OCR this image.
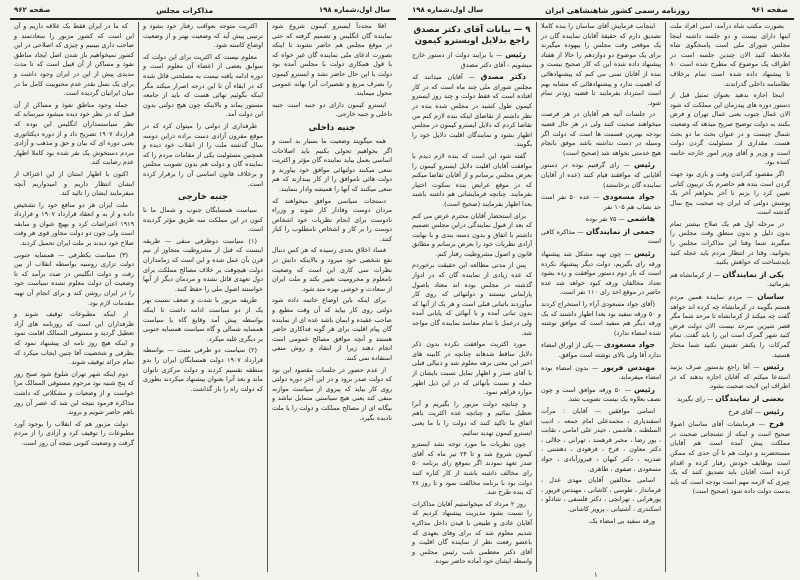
سال اول،شماره ۱۹۸
مذاکرات مجلس
صفحه ۹۶۲

اقلا مجدداً ایسترو کیمون شروع شود نماینده گان انگلیس و تصمیم گرفته که حتی در موقع مجلس هم حاضر نشوند تا اینکه بصورت ادعای ملی نماینده گان غیر خواه که با قول همکاری دولت با مجلس آمده بود دولت با این حال حاضر نشد و ایسترو کیمون را بصرف مربع و تقصیرات آنرا بهانه عمومی محول میمایند.

ایسترو کیمون دارای دو جنبه است جنبه داخلی و جنبه خارجی.

جنبه داخلی

همه میگویند وضعیت ما بسیار بد است و اگر بخواهیم تحولی بکنیم باید اصلاحات اساسی بعمل بیاید نماینده گان مؤثر و اکثریت سعی میکنند دولتهائی موافق خود بیاورند و دولت هائی ناموافق را از کار بیندازند که هم سعی میکنند که آنها را همیشه وادار بنمایند.

دستجات سیاسی موافق میخواهند که مردان دوست وفادار کار شوند و وزراء نادوست برای انجام نظریات خود اشخاص دوست را بر کار و اشخاص نامطلوب را کنار کنند.

فساد اخلاق بحدی رسیده که هر کس دنبال نفع شخصی خود میرود و بالاینکه دانش در نظرات سی کاری این است که وضعیت نامعلوم و محرومیت تغییر بکند و ملت ایران از سعادت و خوشی بهره مند شود.

برای اینکه باین اوضاع خاتمه داده شود دولتی روی کار بیاید که آن وقت مطیع و صاحب عقیده و ایمان باشد عده ای از نماینده گان پیام اقلیت برای هر گونه فداکاری حاضر هستند و آنچه موافق مصالح عمومی است انجام دهند زیرا از انتقاد و روش منفی استفاده نمی کنند.

از عدم حضور در جلسات مقصود این بود که دولت صدر برود و در این آخر دوره دولتی روی کار بیاید که پیروی از سیاست موازنه منفی کند یعنی هیچ سیاستی متمایل نباشد و بیگانه ای از مصالح مملکت و دولت را با ملت نادیده بگیرد.

اکثریت متوجه بعواقب رفتار خود بشود و ترتیبی پیش آید که وضعیت بهتر و از وضعیت اوضاع کاسته شود.

معلوم نیست که اکثریت برای این دولت که سوابق بعضی از اعضاء آن معلوم است و دوره ادامه یافته نیست به مصلحتی قائل شده که در ابقاء آن تا این درجه اصرار میکند مگر اینکه بگوئیم نهائی هست که باید از جامعه مستور بماند و بالاینکه چون هیچ دولتی بدون این دولت آمد.

طرفداری از دولتی را میتوان کرد که در موقع مقرون آزادی دست براده دراین دوسه سال گذشته ملت را از انقلاب خود دیده و همچنین مسئولیت یکی از مقامات مردم را که نماینده گان و دولت هم بدون تصویب مجلس و برخلاف قانون اساسی آن را برقرار کرده است.

جنبه خارجی

سیاست همسایگان جنوب و شمال ما تا کنون در این مملکت سه طریق مؤثر گردیده است.

(۱) سیاست دوطرفی منفی — طریقه اینست که قبل از مشروطیت متجاوز از نیم قرن بآن عمل شده و این است که زمامداران دولت هیچوقت بر خلاف مصالح مملکت برای دول تعهدی قائل نشده و مردمان دیگر از آنها خواستند اصول ملی را حفظ کنند.

طریقه مزبور با شدت و ضعف نسبت بهر یک از دو سیاست ادامه داشت تا اینکه بواسطه پیش آمد وقایع گاه یا سیاست همسایه شمالی و گاه سیاست همسایه جنوبی بر دیگری غلبه میکرد.

(۲) سیاست دو طرفی مثبت — بواسطه قرارداد ۱۹۰۷ دولت همسایگان ایران را بدو منطقه تقسیم کردند و دولت مرکزی ناتوان ماند و بعد آنرا بعنوان پیشنهاد میکردند بطوری که دولت راه را باز گذاشت.

که ما در ایران فقط یک علاقه داریم و آن این است که کشور مزبور را سعادتمند و صاحب داری ببینیم و چیزی که اصلاحی در این کشور نمیخواهیم باز شدن اصل ایجاد مناطق نفوذ و مساکن از آن قبیل است که تا مدت مدیدی پیش از این در ایران وجود داشت و برای یک نسل بقدر عدم محبوبیت کامل ما در میان ایرانیان گردیده است.

جمله وجود مناطق نفوذ و مساکن از آن قبیل که در نظر خود دیده میشود میرساند که نظر سیاستمداران انگلیس این بوده که قرارداد ۱۹۰۷ تصریح داد و از دوره دیکتاتوری یعنی دوره ای که بیان و حق و مذهب و آزادی مردم دستخوش یک نفر شده بود کاملا اظهار عدم رضایت کند.

اکنون با اظهار امتنان از این اعتراف از ایشان انتظار داریم و امیدواریم آنچه میفرمایند ایشان را تائید کند.

ملت ایران هر دو منافع خود را تشخیص داده و از به و انعقاد قرارداد ۱۹۰۷ و قرارداد ۱۹۱۹ اعتراضات کرد و بهیچ عنوان و سابقه است ولی چون دو دولت مجاور قوی هر وقت صلاح خود دیدند بر ملت ایران تحمیل کردند.

(۳) سیاست یکطرفی — همسایه جنوبی دولت تزاری روسیه بواسطه انقلاب از بین رفت و دولت انگلیس در صدد برآمد که تا وضعیت آن دولت معلوم نشده سیاست خود را در ایران روشن کند و برای انجام آن تهیه مقدمات لازم بود.

از اینکه مطبوعات توقیف شوند و طرفداران این است که روزنامه های آزاد تعطیل گردید و مستوفی الممالک اقامت نمود و اینکه هیچ روز نامه ای پیشنهاد نمود که بطرفی و شخصیت آقا چنین ایجاب میکرد که تمام جرائد توقیف شوند.

دوم اینکه شهر تهران شلوغ شود صبح روز که پنج شنبه بود مرحوم مستوفی الممالک مرا خواست و از وضعیات و مشکلاتی که داشت مذاکره فرمود نتیجه این شد که عصر آن روز باهم حاضر شویم و بروند.

دولت مزبور هم که انقلاب را بوجود آورد مطبوعات را توقیف کرد و آزادی را از مردم گرفت و وضعیت کنونی نتیجه آن روز است.

۱
صفحه ۹۶۱
روزنامه رسمی کشور شاهنشاهی ایران
سال اول،شماره ۱۹۸

بصورت مکتب شاه درآمد، اسی افراد ملت اینها دارای بیست و دو جلسه داشته اینجا مجلس شورای ملی است پاسخگوی شاه ملاحظه کنید الان چندین جلسه است در اطراف یک موضوع که مطرح شده است ۸۰ تا پیشنهاد داده شده است تمام برخلاف نظامنامه داخلی گذراندند.

اینجا اجازه بدهید بعنوان تمثیل قبل از دستور دوره های پیدرمان این مملکت که شود الان عمال جنوب یعنی عمال تهران و فرض بکنند به دولت توضیح صریح میدهد که وضعیت شمال چیست و در عنوان بحث ما دو بحث هست. مقداری از مسئولیت گردن دولت است و وزیر و آقای وزیر امور خارجه خاتمه کننده بود.

اگر مقصود گذراندن وقت و بازی بود جهت گردن است بنده هم حاضرم یک تریبون کتابی تعیین کرد را بزنم تا آخر بخواهم آخر یک پوشش دولتی که ایران چه صحبت پنج سال گذشته است.

در مرحله اول هم یک صلاح بیشتر تمام بدون دلیل و بدون منطق وقت مجلس را میگیرند شما وقتا این مذاکرات مجلس را بخوانید، وقتا در انتظار مردم باید عجله کنید بایدشناخت که خواهش بکنید.

یکی از نمایندگان — از کرمانشاه هم بفرمائید.

ساسان — مردم نماینده همین مردم هستم بگویند در کرمانشاه چه کرده اند خواهد گفت چه میکند از کرمانشاه تا مرحد شما مگر قصر شیرین سرحد نیست الان دولت فرض کنید شهر گمرک است این را باید گفت. تمام گمرکات را یکنفر تفتیش نکنید شما مختار هستید.

رئیس — آقا راجع بدستور صرف بزنید استدعا میکنم که آقایان اجازه بدهند که در اطراف این لایحه صحبت بشود.

بعضی از نمایندگان — رای بگیرید

رئیس — آقای فرخ

فرخ — فرمایشات آقای ساسان اصولا صحیح است و اینکه از تشنجاتی صحبت در مملکت پیش آمده است هم آقایان مستحضرند و دولت هم تا آن حدی که ممکن است بوظایف خودش رفتار کرده و اقدام کرده است آقایان باید تصدیق کنند که یک چیزی که لازمه مهم است بودجه است که باید بدست دولت داده شود (صحیح است)

اینجانب فرمایش آقای ساسان را بنده کاملا تصدیق دارم که حقیقة آقایان نماینده گان در یک موقعی وقت مجلس را بیهوده میگیرند برای یک موضوع دو دوازدهم را حالا از هفتاد پیشنهاد داده شده این که کار صحیح نیست و بنده از آقایان تمنی می کنم که پیشنهادهائی که اهمیت ندارد و پیشنهادهائی که مشابه بهم است استرداد بفرمایند تا قضیه زودتر تمام شود.

در جلسات آتیه هم آقایان در هر فرصت میخواهند صحبت کنند ولی در هر حال قضیه بودجه بهترین قسمت ها است که دولت اگر وسیله در دست نداشته باشد موفق بانجام هیچ خدمتی نخواهد شد (صحیح است)

رئیس — رای گرفتیم بوده در دستور آقایانی که موافقند قیام کنند (عده از آقایان نماینده گان برخاستند)

جواد مسعودی — عده ۵۰ نفر است حد نصاب هم ۱۰۵ نفر

هاشمی — ۷۵ نفر بوده

جمعی از نمایندگان — مذاکره کافی است

رئیس — چون تهیه مشکل شد پیشنهاد ورقه رای بگیریم، دولت دیگر پیشنهاد نکرده است که بار دوم دستور موافقت و رده بشود تعداد مخالفان ورقه کبود خواهد شد عده حاضر در موقع اخذ رای ۱۱۰ نفر است.

(آقای جواد مسعودی آراء را استخراج کردند و ۵۰ ورقه سفید بود بعدا اظهار داشتند که یک ورقه دیگر هم سفید است که موافق نوشته شده امضاء ندارد)

جواد مسعودی — یکی از اوراق امضاء ندارد آقا ولی بالای نوشته است موافق.

مهندس فریور — بدون امضاء بوده امضاء میفرماید.

رئیس — ۵۰ ورقه موافق است و چون نصف بعلاوه یک نیست تصویب نشد.

اسامی موافقین — آقایان : مرآت اسفندیاری ، محمدعلی امام جمعه ، ادیب السلطنه ، هاشمی ، حیدر علی امامی ، نقابت ، پور رضا ، مخبر فرهمند ، تهرانی ، جلالی ، دکتر معاون ، فرخ ، فرهودی ، دهشتی ، صدریه ، دکتر کیهان ، فیروزآبادی ، جواد مسعودی ، صفوی ، طاهری.

اسامی مخالفین آقایان مهدی عدل ، فرماندار ، طوسی ، کاشانی ، مهندس فریور ، پورهرابی ، تهرانچی ، دکتر فلسفی ، شادلو ، اسکندری ، آشتیانی ، پرویز کاشانی.

ورقه سفید بی امضاء یک.

۹ — بیانات آقای دکتر مصدق راجع بدلایل اویسترو کیمون

رئیس — با برایند دولت از دستور خارج میشویم - آقای دکتر مصدق

دکتر مصدق — آقایان میدانند که مجلس شورای ملی چند ماه است که در کار افتاده است که فقط دولت و چند روز ایسترو کیمون طول کشید در مجلس شده بنده در نظر داشتم از تقاضای اینکه بنده لازم کنم من تقاضا کردم که دلایل ایسترو کیمون در مجلس اظهار بشود و نمایندگان اقلیت دلایل خود را بگویند.

گفته شود این است که بنده لازم دیدم با موافقت آقایان اقلیت دلایل ایسترو کیمون را بعرض مجلس برسانم و از آقایان تقاضا میکنم که در موقع عرایض بنده سکوت اختیار بفرمایند. چنانچه فرمایشاتی هم داشته باشند بعدا اظهار بفرمایند (صحیح است).

برای استحضار آقایان محترم عرض می کنم که بعد از قبول نمایندگی دراین مجلس تصمیم داشتم با اتفاق و بدون دسته بندی و با نهایت آزادی نظریات خود را بعرض برسانم و مطابق قانون و اصول مشروطیت رفتار کنم.

پس از مدتی مطالعه این حقیقت برخوردم که عده زیادی از نماینده گان که در ادوار گذشته در مجلس بوده اند معتاد باصول پارلمانی نیستند و دولتهائی که روی کار میآوردند باتبانی قبلی است و هر یک از آنها که بدون تبانی آمده و با آنهائی که پایانی آمده ولی درعمل با تمام مفاسد نماینده گان مواجه شد.

مورد اکثریت موافقت نکرده بدون ذکر دلایل ساقط شدهاند چنانچه در کابینه های اخیر این معنی برهه معلوم شد و دنبالی قبلی با آقای صدر و اظهار تمایل نسبت بایشان از جمله و نسبت بآنهائی که در این ذیل اظهر موارد فراهم نمود.

و چنانچه دولت مزبور را بگیریم و آنرا تعطیل نمائیم و چنانچه عده اکثریت باهم اتفاق ما تاکید کنند که دولت را با ما یعنی ایسترو کیمون تهدید نمائیم.

چون نظریات ما مورد توجه نشد ایسترو کیمون شروع شد و تا ۲۴ تیر ماه که آقای صدر تعهد نمودند اگر بموقع رای برنامه ۵۰ رای مخالف داشته باشند از کار کناره کنند دولت بود با برنامه مخالفت نمود و تا روز ۲۸ که بنده طرح شد.

روز ۲ مرداد که میخواستیم آقایان مذاکرات را نسبت بشود مدیریت پیشنهاد کردیم که آقایان عادی و طبیعی با قیدن داخل مذاکره شدیم معلوم شد که برای وفای بعهدی که باعضو رفعت نظر از نماینده گان اقلیت و آقای دکتر معظمی نایب رئیس مجلس و واسطه ایشان خود آماده حاضر نبوده.

۱
